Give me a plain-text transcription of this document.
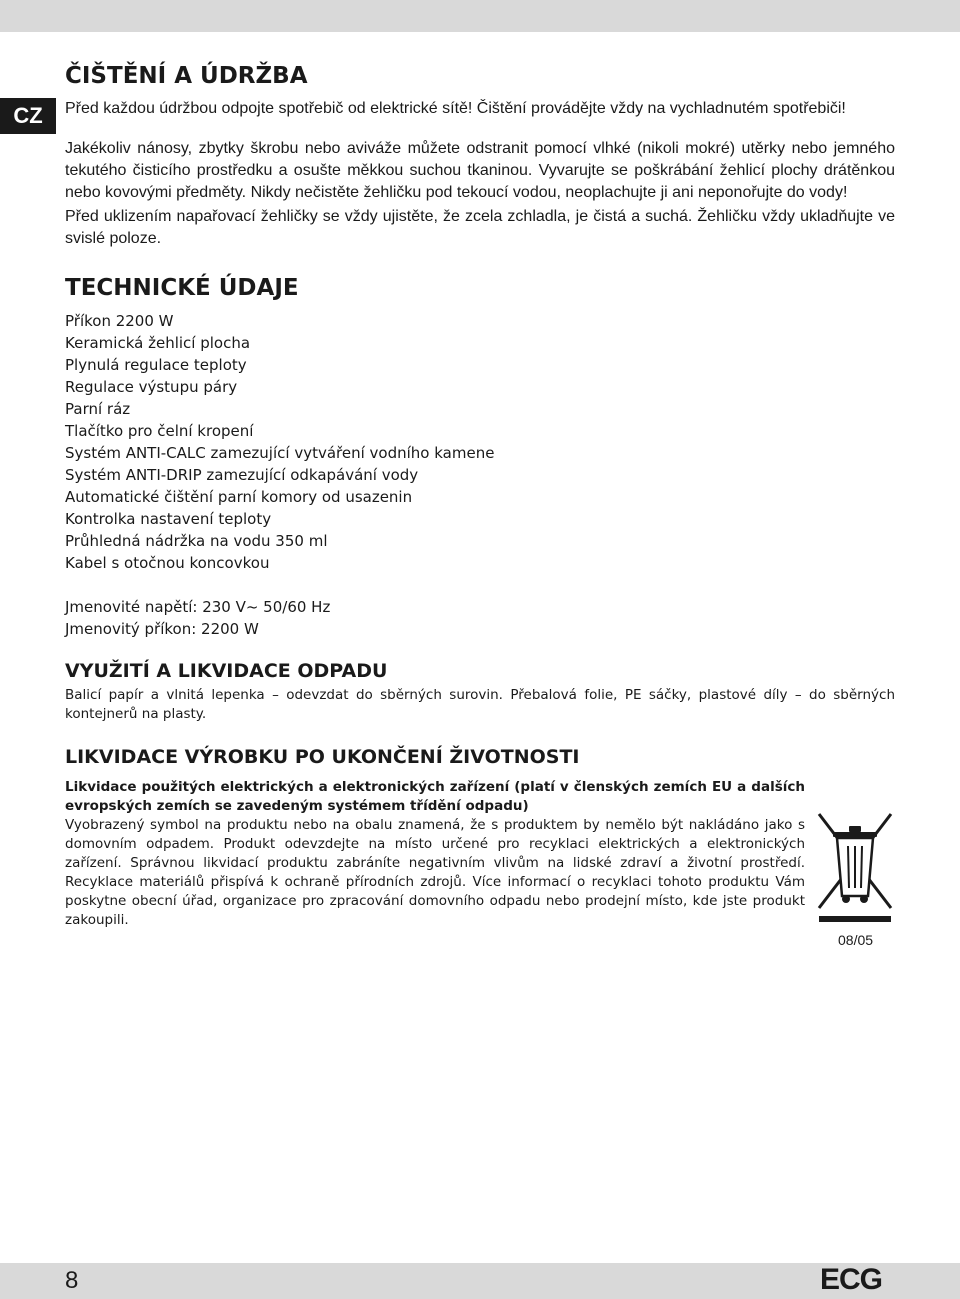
CZ
ČIŠTĚNÍ A ÚDRŽBA

Před každou údržbou odpojte spotřebič od elektrické sítě! Čištění provádějte vždy na vychladnutém spotřebiči!

Jakékoliv nánosy, zbytky škrobu nebo aviváže můžete odstranit pomocí vlhké (nikoli mokré) utěrky nebo jemného tekutého čisticího prostředku a osušte měkkou suchou tkaninou. Vyvarujte se poškrábání žehlicí plochy drátěnkou nebo kovovými předměty. Nikdy nečistěte žehličku pod tekoucí vodou, neoplachujte ji ani neponořujte do vody!

Před uklizením napařovací žehličky se vždy ujistěte, že zcela zchladla, je čistá a suchá. Žehličku vždy ukladňujte ve svislé poloze.

TECHNICKÉ ÚDAJE
Příkon 2200 W
Keramická žehlicí plocha
Plynulá regulace teploty
Regulace výstupu páry
Parní ráz
Tlačítko pro čelní kropení
Systém ANTI-CALC zamezující vytváření vodního kamene
Systém ANTI-DRIP zamezující odkapávání vody
Automatické čištění parní komory od usazenin
Kontrolka nastavení teploty
Průhledná nádržka na vodu 350 ml
Kabel s otočnou koncovkou
Jmenovité napětí: 230 V~ 50/60 Hz
Jmenovitý příkon: 2200 W
VYUŽITÍ A LIKVIDACE ODPADU

Balicí papír a vlnitá lepenka – odevzdat do sběrných surovin. Přebalová folie, PE sáčky, plastové díly – do sběrných kontejnerů na plasty.

LIKVIDACE VÝROBKU PO UKONČENÍ ŽIVOTNOSTI

Likvidace použitých elektrických a elektronických zařízení (platí v členských zemích EU a dalších evropských zemích se zavedeným systémem třídění odpadu)

Vyobrazený symbol na produktu nebo na obalu znamená, že s produktem by nemělo být nakládáno jako s domovním odpadem. Produkt odevzdejte na místo určené pro recyklaci elektrických a elektronických zařízení. Správnou likvidací produktu zabráníte negativním vlivům na lidské zdraví a životní prostředí. Recyklace materiálů přispívá k ochraně přírodních zdrojů. Více informací o recyklaci tohoto produktu Vám poskytne obecní úřad, organizace pro zpracování domovního odpadu nebo prodejní místo, kde jste produkt zakoupili.

08/05
8	ECG
